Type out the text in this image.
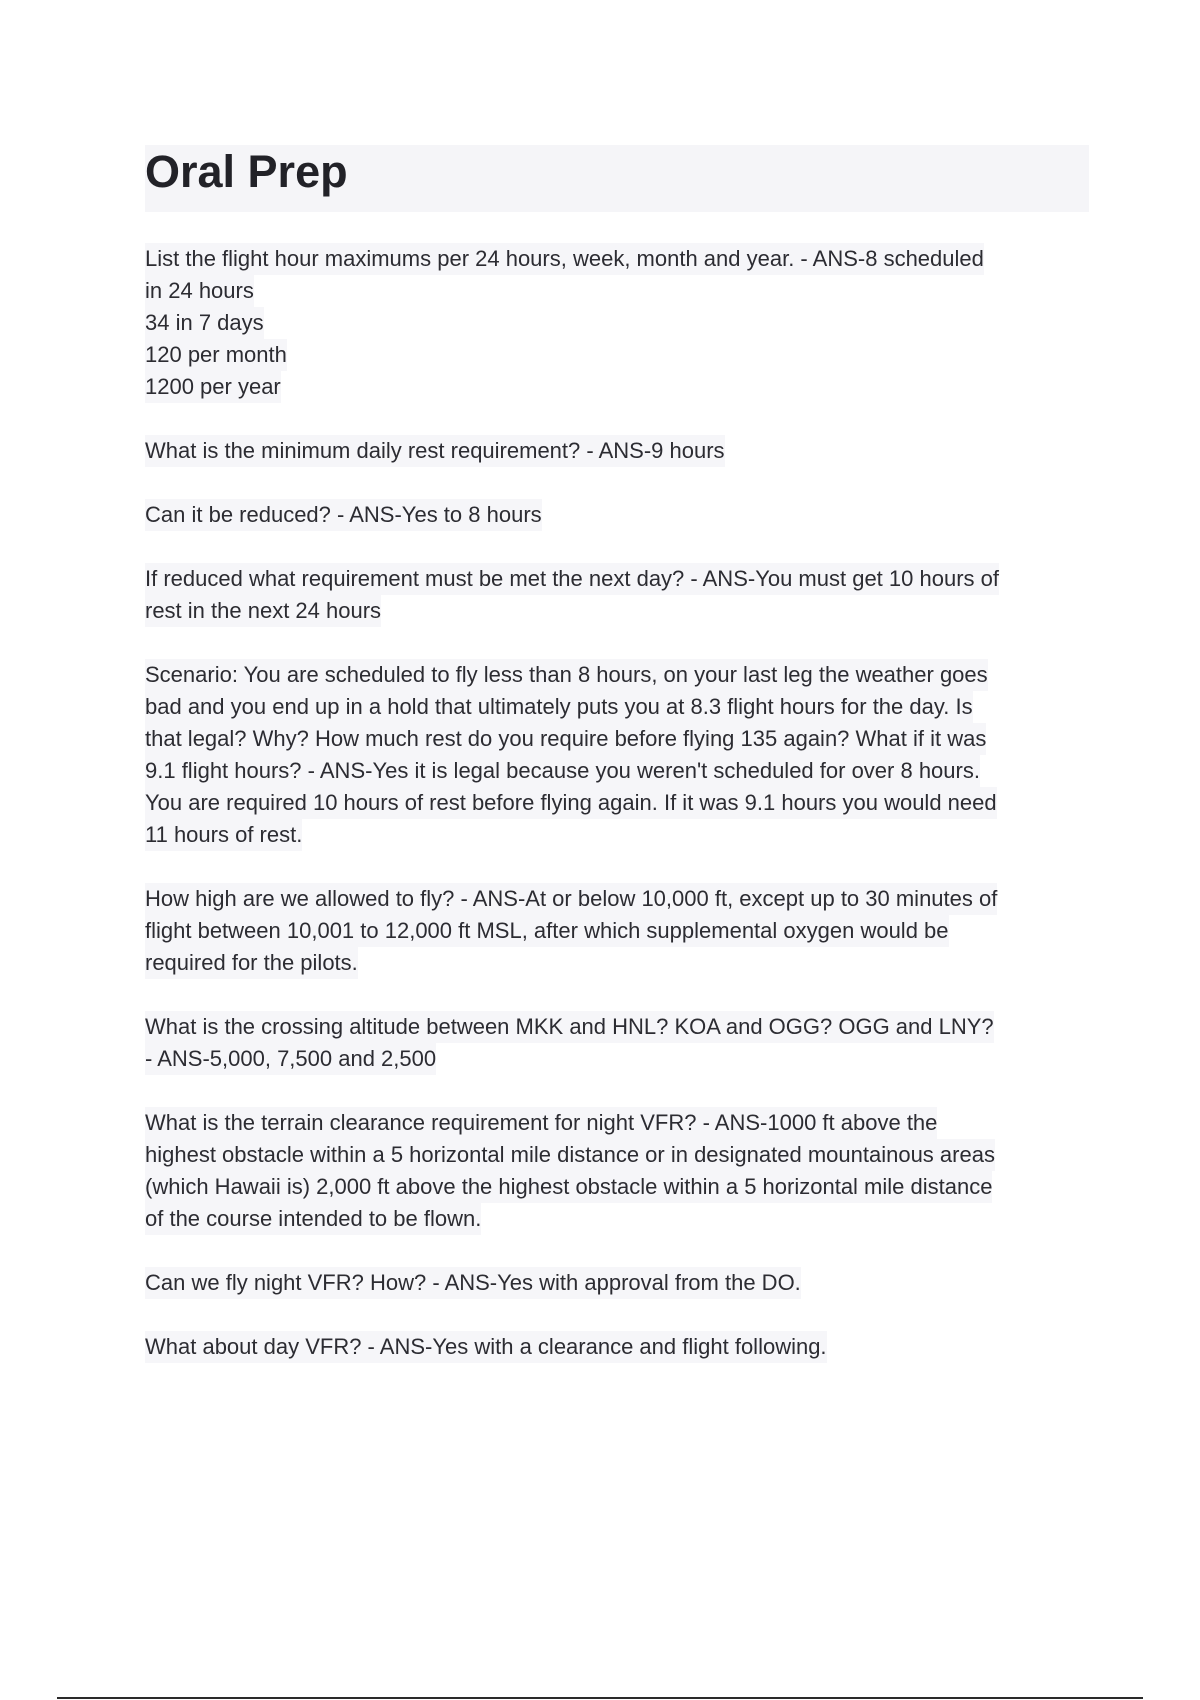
Oral Prep
List the flight hour maximums per 24 hours, week, month and year. - ANS-8 scheduled
in 24 hours
34 in 7 days
120 per month
1200 per year
What is the minimum daily rest requirement? - ANS-9 hours
Can it be reduced? - ANS-Yes to 8 hours
If reduced what requirement must be met the next day? - ANS-You must get 10 hours of
rest in the next 24 hours
Scenario: You are scheduled to fly less than 8 hours, on your last leg the weather goes
bad and you end up in a hold that ultimately puts you at 8.3 flight hours for the day. Is
that legal? Why? How much rest do you require before flying 135 again? What if it was
9.1 flight hours? - ANS-Yes it is legal because you weren't scheduled for over 8 hours.
You are required 10 hours of rest before flying again. If it was 9.1 hours you would need
11 hours of rest.
How high are we allowed to fly? - ANS-At or below 10,000 ft, except up to 30 minutes of
flight between 10,001 to 12,000 ft MSL, after which supplemental oxygen would be
required for the pilots.
What is the crossing altitude between MKK and HNL? KOA and OGG? OGG and LNY?
- ANS-5,000, 7,500 and 2,500
What is the terrain clearance requirement for night VFR? - ANS-1000 ft above the
highest obstacle within a 5 horizontal mile distance or in designated mountainous areas
(which Hawaii is) 2,000 ft above the highest obstacle within a 5 horizontal mile distance
of the course intended to be flown.
Can we fly night VFR? How? - ANS-Yes with approval from the DO.
What about day VFR? - ANS-Yes with a clearance and flight following.
